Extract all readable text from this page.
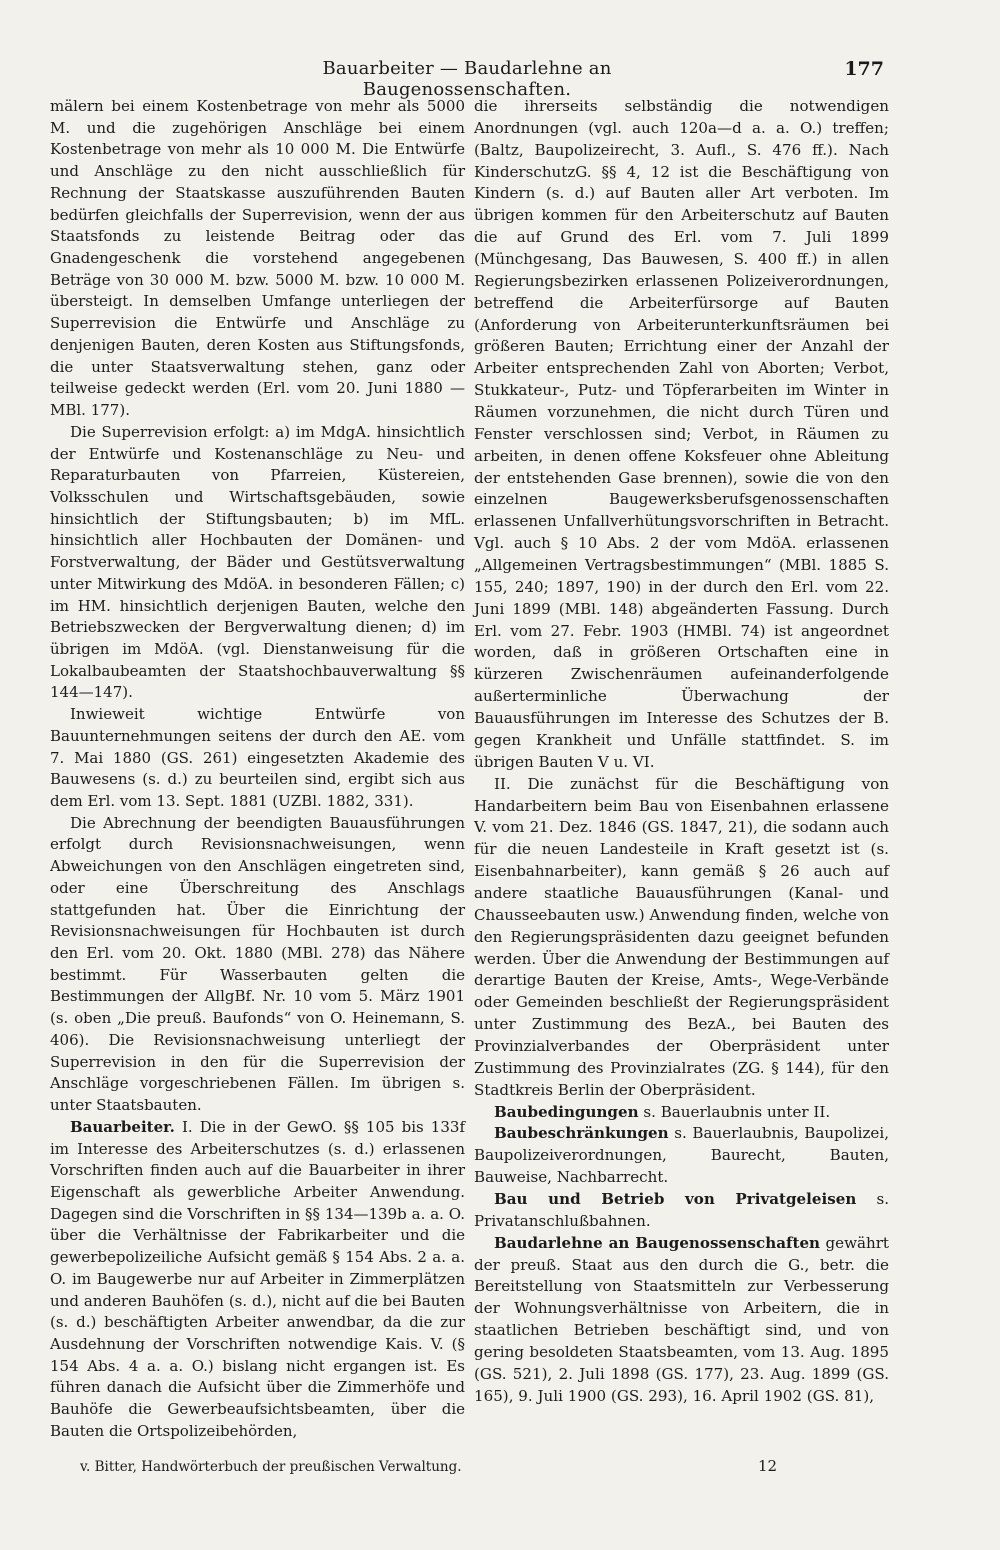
Bauarbeiter — Baudarlehne an Baugenossenschaften.
177

mälern bei einem Kostenbetrage von mehr als 5000 M. und die zugehörigen Anschläge bei einem Kostenbetrage von mehr als 10 000 M. Die Entwürfe und Anschläge zu den nicht ausschließlich für Rechnung der Staatskasse auszuführenden Bauten bedürfen gleichfalls der Superrevision, wenn der aus Staatsfonds zu leistende Beitrag oder das Gnadengeschenk die vorstehend angegebenen Beträge von 30 000 M. bzw. 5000 M. bzw. 10 000 M. übersteigt. In demselben Umfange unterliegen der Superrevision die Entwürfe und Anschläge zu denjenigen Bauten, deren Kosten aus Stiftungsfonds, die unter Staatsverwaltung stehen, ganz oder teilweise gedeckt werden (Erl. vom 20. Juni 1880 — MBl. 177).

Die Superrevision erfolgt: a) im MdgA. hinsichtlich der Entwürfe und Kostenanschläge zu Neu- und Reparaturbauten von Pfarreien, Küstereien, Volksschulen und Wirtschaftsgebäuden, sowie hinsichtlich der Stiftungsbauten; b) im MfL. hinsichtlich aller Hochbauten der Domänen- und Forstverwaltung, der Bäder und Gestütsverwaltung unter Mitwirkung des MdöA. in besonderen Fällen; c) im HM. hinsichtlich derjenigen Bauten, welche den Betriebszwecken der Bergverwaltung dienen; d) im übrigen im MdöA. (vgl. Dienstanweisung für die Lokalbaubeamten der Staatshochbauverwaltung §§ 144—147).

Inwieweit wichtige Entwürfe von Bauunternehmungen seitens der durch den AE. vom 7. Mai 1880 (GS. 261) eingesetzten Akademie des Bauwesens (s. d.) zu beurteilen sind, ergibt sich aus dem Erl. vom 13. Sept. 1881 (UZBl. 1882, 331).

Die Abrechnung der beendigten Bauausführungen erfolgt durch Revisionsnachweisungen, wenn Abweichungen von den Anschlägen eingetreten sind, oder eine Überschreitung des Anschlags stattgefunden hat. Über die Einrichtung der Revisionsnachweisungen für Hochbauten ist durch den Erl. vom 20. Okt. 1880 (MBl. 278) das Nähere bestimmt. Für Wasserbauten gelten die Bestimmungen der AllgBf. Nr. 10 vom 5. März 1901 (s. oben „Die preuß. Baufonds“ von O. Heinemann, S. 406). Die Revisionsnachweisung unterliegt der Superrevision in den für die Superrevision der Anschläge vorgeschriebenen Fällen. Im übrigen s. unter Staatsbauten.

Bauarbeiter. I. Die in der GewO. §§ 105 bis 133f im Interesse des Arbeiterschutzes (s. d.) erlassenen Vorschriften finden auch auf die Bauarbeiter in ihrer Eigenschaft als gewerbliche Arbeiter Anwendung. Dagegen sind die Vorschriften in §§ 134—139b a. a. O. über die Verhältnisse der Fabrikarbeiter und die gewerbepolizeiliche Aufsicht gemäß § 154 Abs. 2 a. a. O. im Baugewerbe nur auf Arbeiter in Zimmerplätzen und anderen Bauhöfen (s. d.), nicht auf die bei Bauten (s. d.) beschäftigten Arbeiter anwendbar, da die zur Ausdehnung der Vorschriften notwendige Kais. V. (§ 154 Abs. 4 a. a. O.) bislang nicht ergangen ist. Es führen danach die Aufsicht über die Zimmerhöfe und Bauhöfe die Gewerbeaufsichtsbeamten, über die Bauten die Ortspolizeibehörden,

die ihrerseits selbständig die notwendigen Anordnungen (vgl. auch 120a—d a. a. O.) treffen; (Baltz, Baupolizeirecht, 3. Aufl., S. 476 ff.). Nach KinderschutzG. §§ 4, 12 ist die Beschäftigung von Kindern (s. d.) auf Bauten aller Art verboten. Im übrigen kommen für den Arbeiterschutz auf Bauten die auf Grund des Erl. vom 7. Juli 1899 (Münchgesang, Das Bauwesen, S. 400 ff.) in allen Regierungsbezirken erlassenen Polizeiverordnungen, betreffend die Arbeiterfürsorge auf Bauten (Anforderung von Arbeiterunterkunftsräumen bei größeren Bauten; Errichtung einer der Anzahl der Arbeiter entsprechenden Zahl von Aborten; Verbot, Stukkateur-, Putz- und Töpferarbeiten im Winter in Räumen vorzunehmen, die nicht durch Türen und Fenster verschlossen sind; Verbot, in Räumen zu arbeiten, in denen offene Koksfeuer ohne Ableitung der entstehenden Gase brennen), sowie die von den einzelnen Baugewerksberufsgenossenschaften erlassenen Unfallverhütungsvorschriften in Betracht. Vgl. auch § 10 Abs. 2 der vom MdöA. erlassenen „Allgemeinen Vertragsbestimmungen“ (MBl. 1885 S. 155, 240; 1897, 190) in der durch den Erl. vom 22. Juni 1899 (MBl. 148) abgeänderten Fassung. Durch Erl. vom 27. Febr. 1903 (HMBl. 74) ist angeordnet worden, daß in größeren Ortschaften eine in kürzeren Zwischenräumen aufeinanderfolgende außerterminliche Überwachung der Bauausführungen im Interesse des Schutzes der B. gegen Krankheit und Unfälle stattfindet. S. im übrigen Bauten V u. VI.

II. Die zunächst für die Beschäftigung von Handarbeitern beim Bau von Eisenbahnen erlassene V. vom 21. Dez. 1846 (GS. 1847, 21), die sodann auch für die neuen Landesteile in Kraft gesetzt ist (s. Eisenbahnarbeiter), kann gemäß § 26 auch auf andere staatliche Bauausführungen (Kanal- und Chausseebauten usw.) Anwendung finden, welche von den Regierungspräsidenten dazu geeignet befunden werden. Über die Anwendung der Bestimmungen auf derartige Bauten der Kreise, Amts-, Wege-Verbände oder Gemeinden beschließt der Regierungspräsident unter Zustimmung des BezA., bei Bauten des Provinzialverbandes der Oberpräsident unter Zustimmung des Provinzialrates (ZG. § 144), für den Stadtkreis Berlin der Oberpräsident.

Baubedingungen s. Bauerlaubnis unter II.

Baubeschränkungen s. Bauerlaubnis, Baupolizei, Baupolizeiverordnungen, Baurecht, Bauten, Bauweise, Nachbarrecht.

Bau und Betrieb von Privatgeleisen s. Privatanschlußbahnen.

Baudarlehne an Baugenossenschaften gewährt der preuß. Staat aus den durch die G., betr. die Bereitstellung von Staatsmitteln zur Verbesserung der Wohnungsverhältnisse von Arbeitern, die in staatlichen Betrieben beschäftigt sind, und von gering besoldeten Staatsbeamten, vom 13. Aug. 1895 (GS. 521), 2. Juli 1898 (GS. 177), 23. Aug. 1899 (GS. 165), 9. Juli 1900 (GS. 293), 16. April 1902 (GS. 81),

v. Bitter, Handwörterbuch der preußischen Verwaltung.	12
